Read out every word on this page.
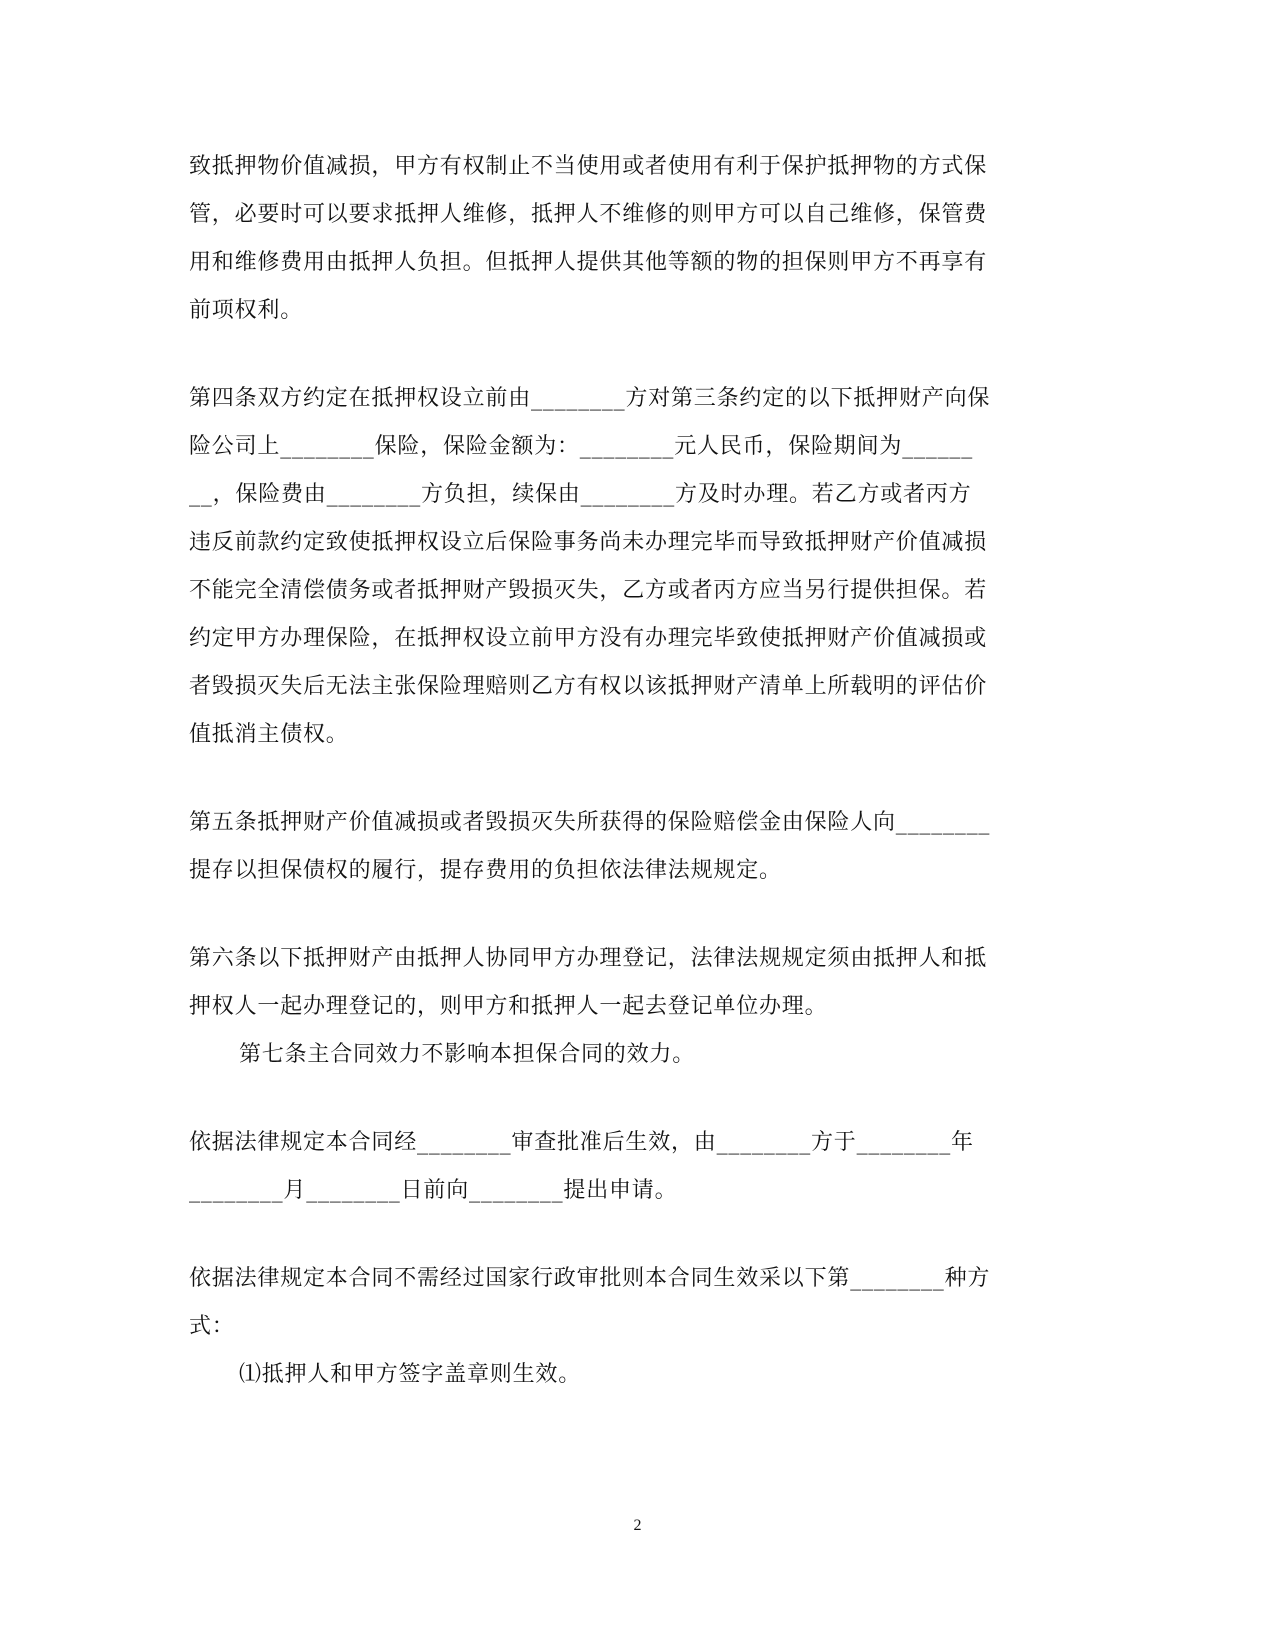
致抵押物价值减损，甲方有权制止不当使用或者使用有利于保护抵押物的方式保
管，必要时可以要求抵押人维修，抵押人不维修的则甲方可以自己维修，保管费
用和维修费用由抵押人负担。但抵押人提供其他等额的物的担保则甲方不再享有
前项权利。
第四条双方约定在抵押权设立前由________方对第三条约定的以下抵押财产向保
险公司上________保险，保险金额为：________元人民币，保险期间为______
__，保险费由________方负担，续保由________方及时办理。若乙方或者丙方
违反前款约定致使抵押权设立后保险事务尚未办理完毕而导致抵押财产价值减损
不能完全清偿债务或者抵押财产毁损灭失，乙方或者丙方应当另行提供担保。若
约定甲方办理保险，在抵押权设立前甲方没有办理完毕致使抵押财产价值减损或
者毁损灭失后无法主张保险理赔则乙方有权以该抵押财产清单上所载明的评估价
值抵消主债权。
第五条抵押财产价值减损或者毁损灭失所获得的保险赔偿金由保险人向________
提存以担保债权的履行，提存费用的负担依法律法规规定。
第六条以下抵押财产由抵押人协同甲方办理登记，法律法规规定须由抵押人和抵
押权人一起办理登记的，则甲方和抵押人一起去登记单位办理。
第七条主合同效力不影响本担保合同的效力。
依据法律规定本合同经________审查批准后生效，由________方于________年
________月________日前向________提出申请。
依据法律规定本合同不需经过国家行政审批则本合同生效采以下第________种方
式：
⑴抵押人和甲方签字盖章则生效。
2
